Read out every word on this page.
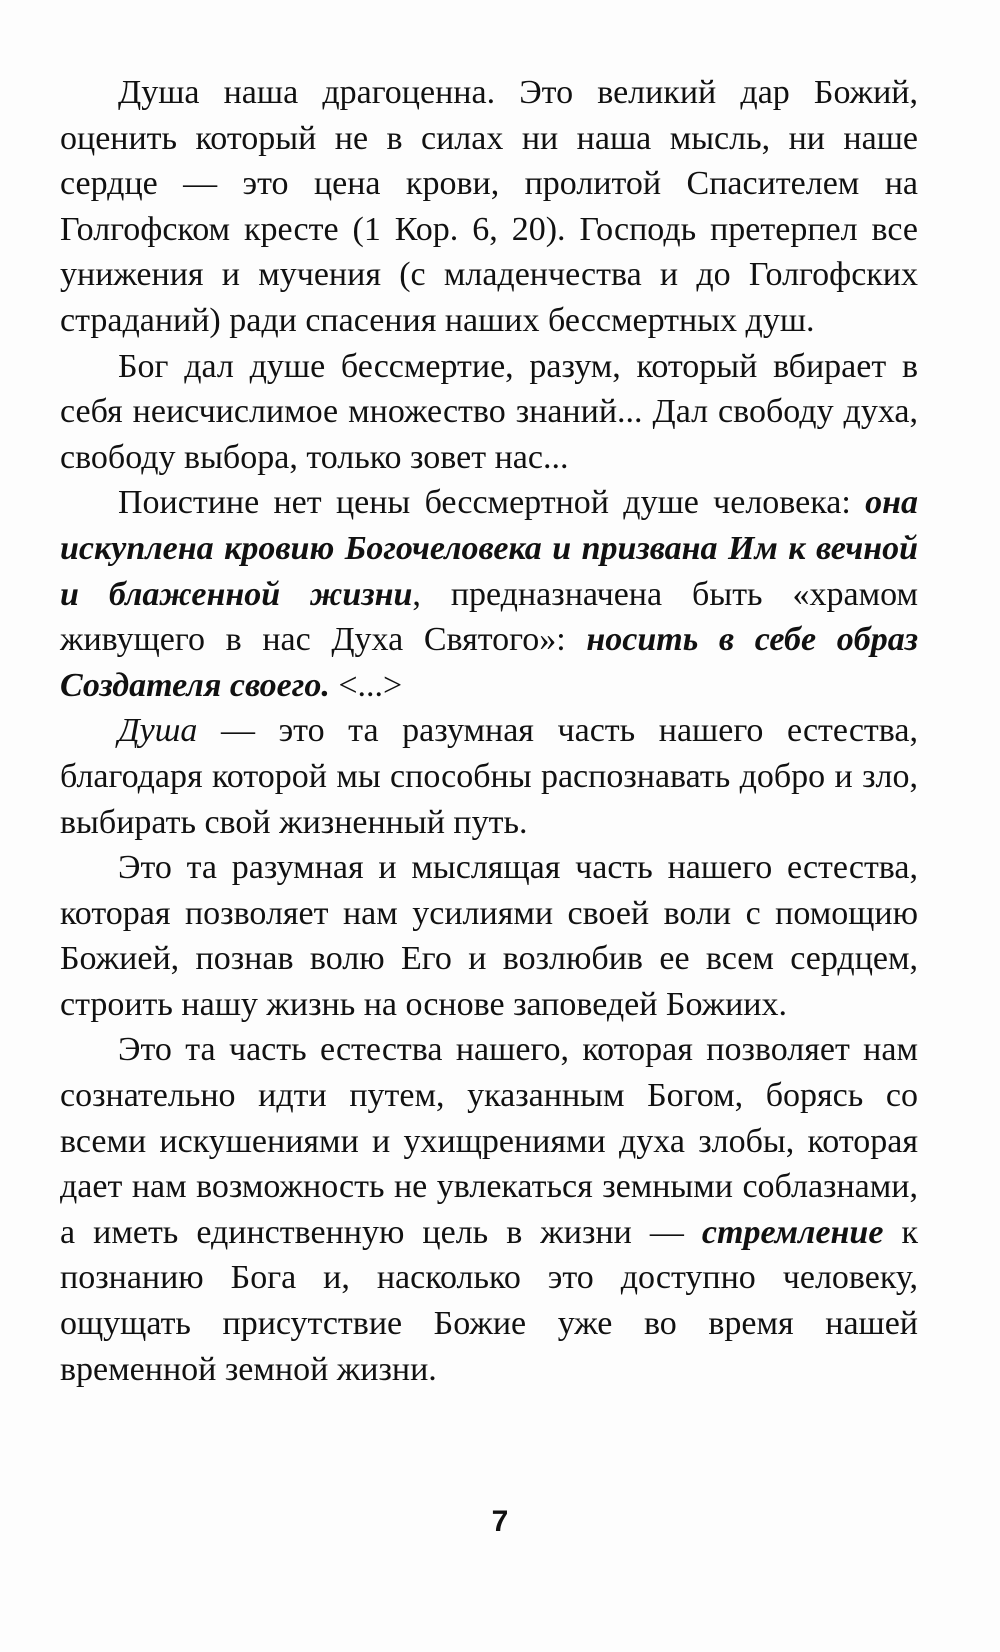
Душа наша драгоценна. Это великий дар Божий, оценить который не в силах ни наша мысль, ни наше сердце — это цена крови, пролитой Спасителем на Голгофском кресте (1 Кор. 6, 20). Господь претерпел все унижения и мучения (с младенчества и до Голгофских страданий) ради спасения наших бессмертных душ.

Бог дал душе бессмертие, разум, который вбирает в себя неисчислимое множество знаний... Дал свободу духа, свободу выбора, только зовет нас...

Поистине нет цены бессмертной душе человека: она искуплена кровию Богочеловека и призвана Им к вечной и блаженной жизни, предназначена быть «храмом живущего в нас Духа Святого»: носить в себе образ Создателя своего. <...>

Душа — это та разумная часть нашего естества, благодаря которой мы способны распознавать добро и зло, выбирать свой жизненный путь.

Это та разумная и мыслящая часть нашего естества, которая позволяет нам усилиями своей воли с помощию Божией, познав волю Его и возлюбив ее всем сердцем, строить нашу жизнь на основе заповедей Божиих.

Это та часть естества нашего, которая позволяет нам сознательно идти путем, указанным Богом, борясь со всеми искушениями и ухищрениями духа злобы, которая дает нам возможность не увлекаться земными соблазнами, а иметь единственную цель в жизни — стремление к познанию Бога и, насколько это доступно человеку, ощущать присутствие Божие уже во время нашей временной земной жизни.

7
